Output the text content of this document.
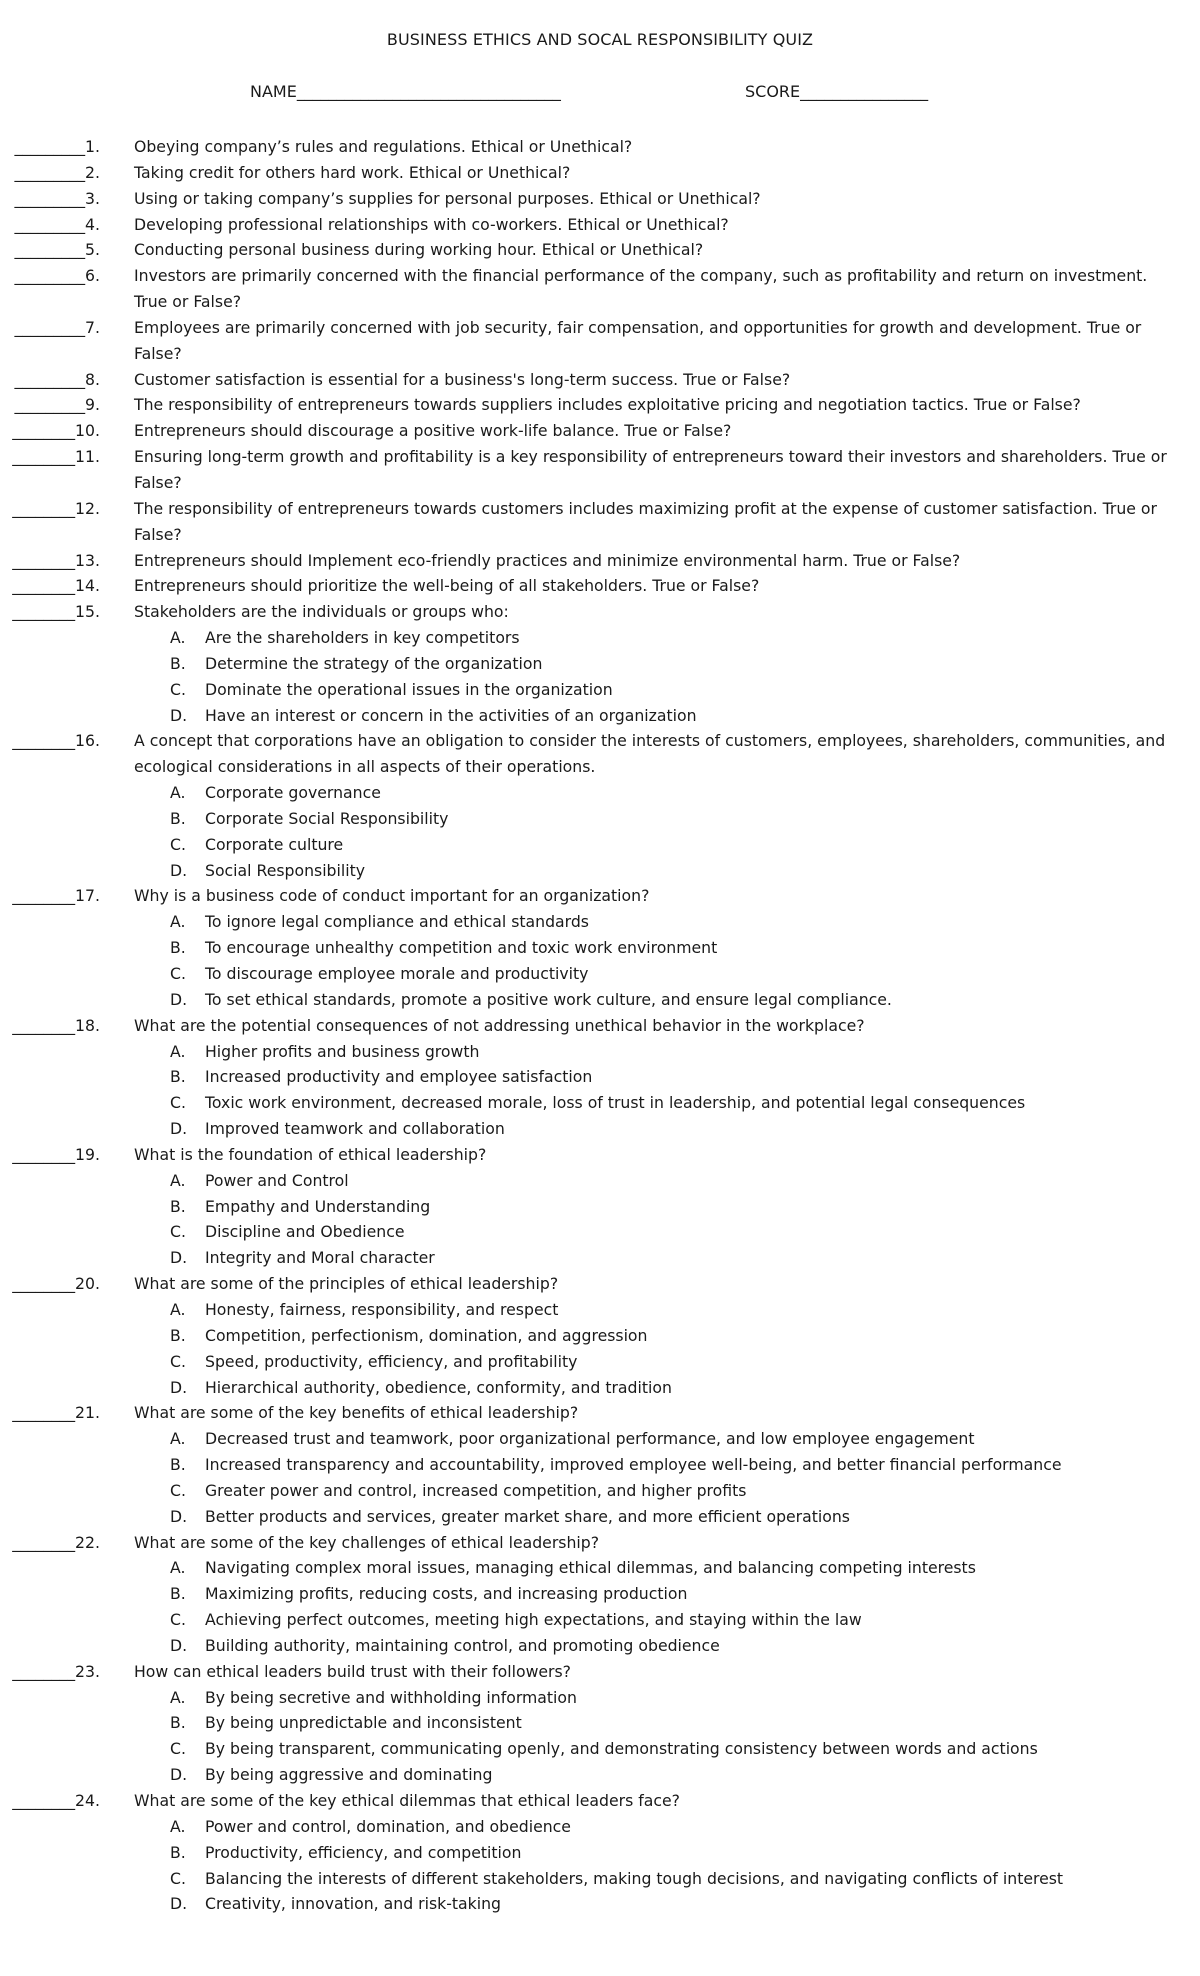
BUSINESS ETHICS AND SOCAL RESPONSIBILITY QUIZ
NAME_________________________________	SCORE________________
_________1. Obeying company’s rules and regulations. Ethical or Unethical?
_________2. Taking credit for others hard work. Ethical or Unethical?
_________3. Using or taking company’s supplies for personal purposes. Ethical or Unethical?
_________4. Developing professional relationships with co-workers. Ethical or Unethical?
_________5. Conducting personal business during working hour. Ethical or Unethical?
_________6. Investors are primarily concerned with the financial performance of the company, such as profitability and return on investment. True or False?
_________7. Employees are primarily concerned with job security, fair compensation, and opportunities for growth and development. True or False?
_________8. Customer satisfaction is essential for a business's long-term success. True or False?
_________9. The responsibility of entrepreneurs towards suppliers includes exploitative pricing and negotiation tactics. True or False?
________10. Entrepreneurs should discourage a positive work-life balance. True or False?
________11. Ensuring long-term growth and profitability is a key responsibility of entrepreneurs toward their investors and shareholders. True or False?
________12. The responsibility of entrepreneurs towards customers includes maximizing profit at the expense of customer satisfaction. True or False?
________13. Entrepreneurs should Implement eco-friendly practices and minimize environmental harm. True or False?
________14. Entrepreneurs should prioritize the well-being of all stakeholders. True or False?
________15. Stakeholders are the individuals or groups who:
A. Are the shareholders in key competitors
B. Determine the strategy of the organization
C. Dominate the operational issues in the organization
D. Have an interest or concern in the activities of an organization
________16. A concept that corporations have an obligation to consider the interests of customers, employees, shareholders, communities, and ecological considerations in all aspects of their operations.
A. Corporate governance
B. Corporate Social Responsibility
C. Corporate culture
D. Social Responsibility
________17. Why is a business code of conduct important for an organization?
A. To ignore legal compliance and ethical standards
B. To encourage unhealthy competition and toxic work environment
C. To discourage employee morale and productivity
D. To set ethical standards, promote a positive work culture, and ensure legal compliance.
________18. What are the potential consequences of not addressing unethical behavior in the workplace?
A. Higher profits and business growth
B. Increased productivity and employee satisfaction
C. Toxic work environment, decreased morale, loss of trust in leadership, and potential legal consequences
D. Improved teamwork and collaboration
________19. What is the foundation of ethical leadership?
A. Power and Control
B. Empathy and Understanding
C. Discipline and Obedience
D. Integrity and Moral character
________20. What are some of the principles of ethical leadership?
A. Honesty, fairness, responsibility, and respect
B. Competition, perfectionism, domination, and aggression
C. Speed, productivity, efficiency, and profitability
D. Hierarchical authority, obedience, conformity, and tradition
________21. What are some of the key benefits of ethical leadership?
A. Decreased trust and teamwork, poor organizational performance, and low employee engagement
B. Increased transparency and accountability, improved employee well-being, and better financial performance
C. Greater power and control, increased competition, and higher profits
D. Better products and services, greater market share, and more efficient operations
________22. What are some of the key challenges of ethical leadership?
A. Navigating complex moral issues, managing ethical dilemmas, and balancing competing interests
B. Maximizing profits, reducing costs, and increasing production
C. Achieving perfect outcomes, meeting high expectations, and staying within the law
D. Building authority, maintaining control, and promoting obedience
________23. How can ethical leaders build trust with their followers?
A. By being secretive and withholding information
B. By being unpredictable and inconsistent
C. By being transparent, communicating openly, and demonstrating consistency between words and actions
D. By being aggressive and dominating
________24. What are some of the key ethical dilemmas that ethical leaders face?
A. Power and control, domination, and obedience
B. Productivity, efficiency, and competition
C. Balancing the interests of different stakeholders, making tough decisions, and navigating conflicts of interest
D. Creativity, innovation, and risk-taking
